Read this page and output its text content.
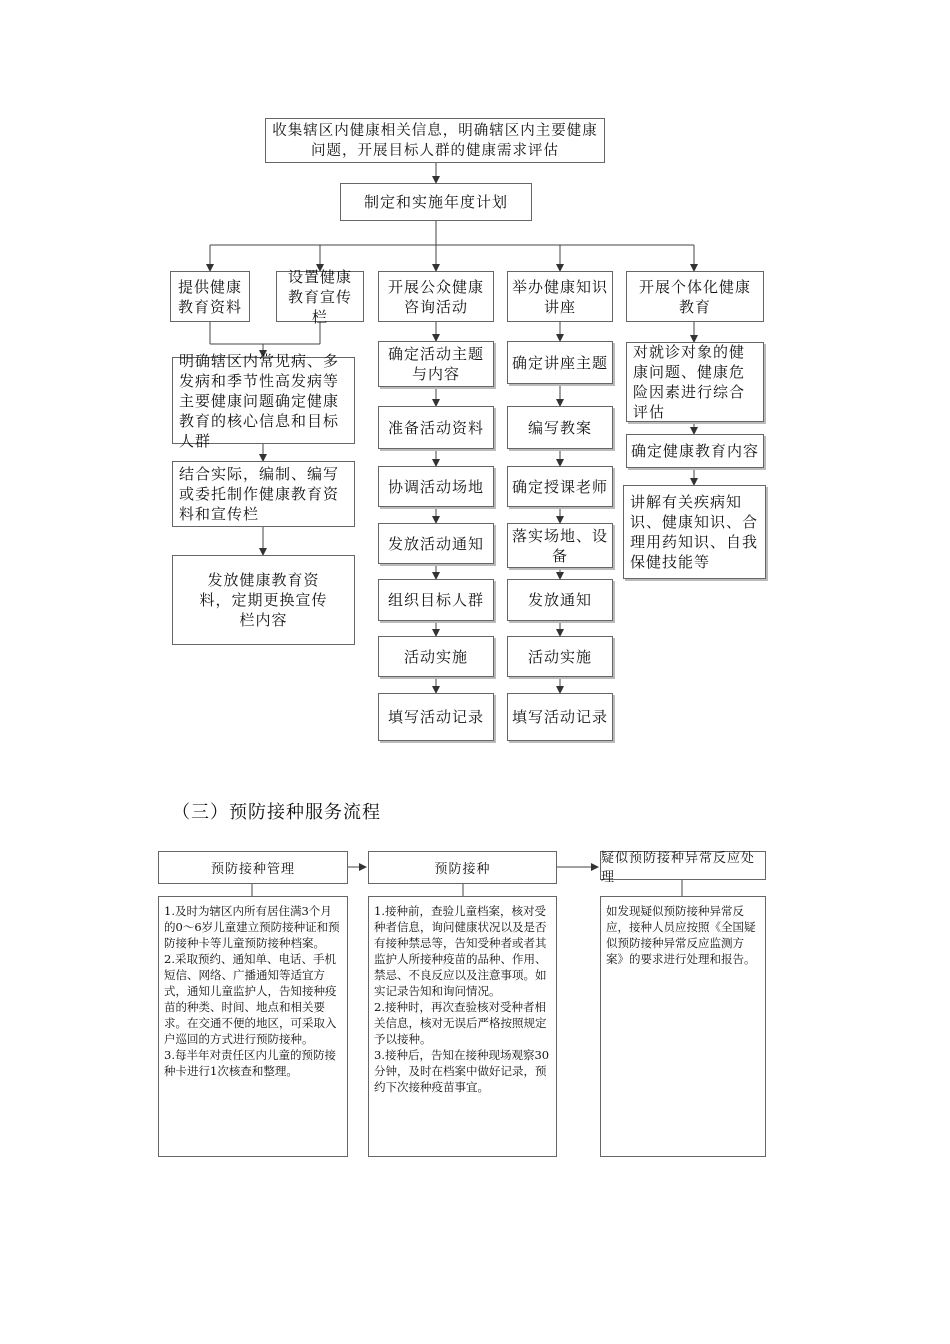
收集辖区内健康相关信息，明确辖区内主要健康问题，开展目标人群的健康需求评估
制定和实施年度计划
提供健康教育资料
设置健康教育宣传栏
明确辖区内常见病、多发病和季节性高发病等主要健康问题确定健康教育的核心信息和目标人群
结合实际，编制、编写或委托制作健康教育资料和宣传栏
发放健康教育资料，定期更换宣传栏内容
开展公众健康咨询活动
确定活动主题与内容
准备活动资料
协调活动场地
发放活动通知
组织目标人群
活动实施
填写活动记录
举办健康知识讲座
确定讲座主题
编写教案
确定授课老师
落实场地、设备
发放通知
活动实施
填写活动记录
开展个体化健康教育
对就诊对象的健康问题、健康危险因素进行综合评估
确定健康教育内容
讲解有关疾病知识、健康知识、合理用药知识、自我保健技能等
（三）预防接种服务流程
预防接种管理	预防接种
疑似预防接种异常反应处理
1.及时为辖区内所有居住满3个月的0～6岁儿童建立预防接种证和预防接种卡等儿童预防接种档案。
2.采取预约、通知单、电话、手机短信、网络、广播通知等适宜方式，通知儿童监护人，告知接种疫苗的种类、时间、地点和相关要求。在交通不便的地区，可采取入户巡回的方式进行预防接种。
3.每半年对责任区内儿童的预防接种卡进行1次核查和整理。
1.接种前，查验儿童档案，核对受种者信息，询问健康状况以及是否有接种禁忌等，告知受种者或者其监护人所接种疫苗的品种、作用、禁忌、不良反应以及注意事项。如实记录告知和询问情况。
2.接种时，再次查验核对受种者相关信息，核对无误后严格按照规定予以接种。
3.接种后，告知在接种现场观察30分钟，及时在档案中做好记录，预约下次接种疫苗事宜。
如发现疑似预防接种异常反应，接种人员应按照《全国疑似预防接种异常反应监测方案》的要求进行处理和报告。
